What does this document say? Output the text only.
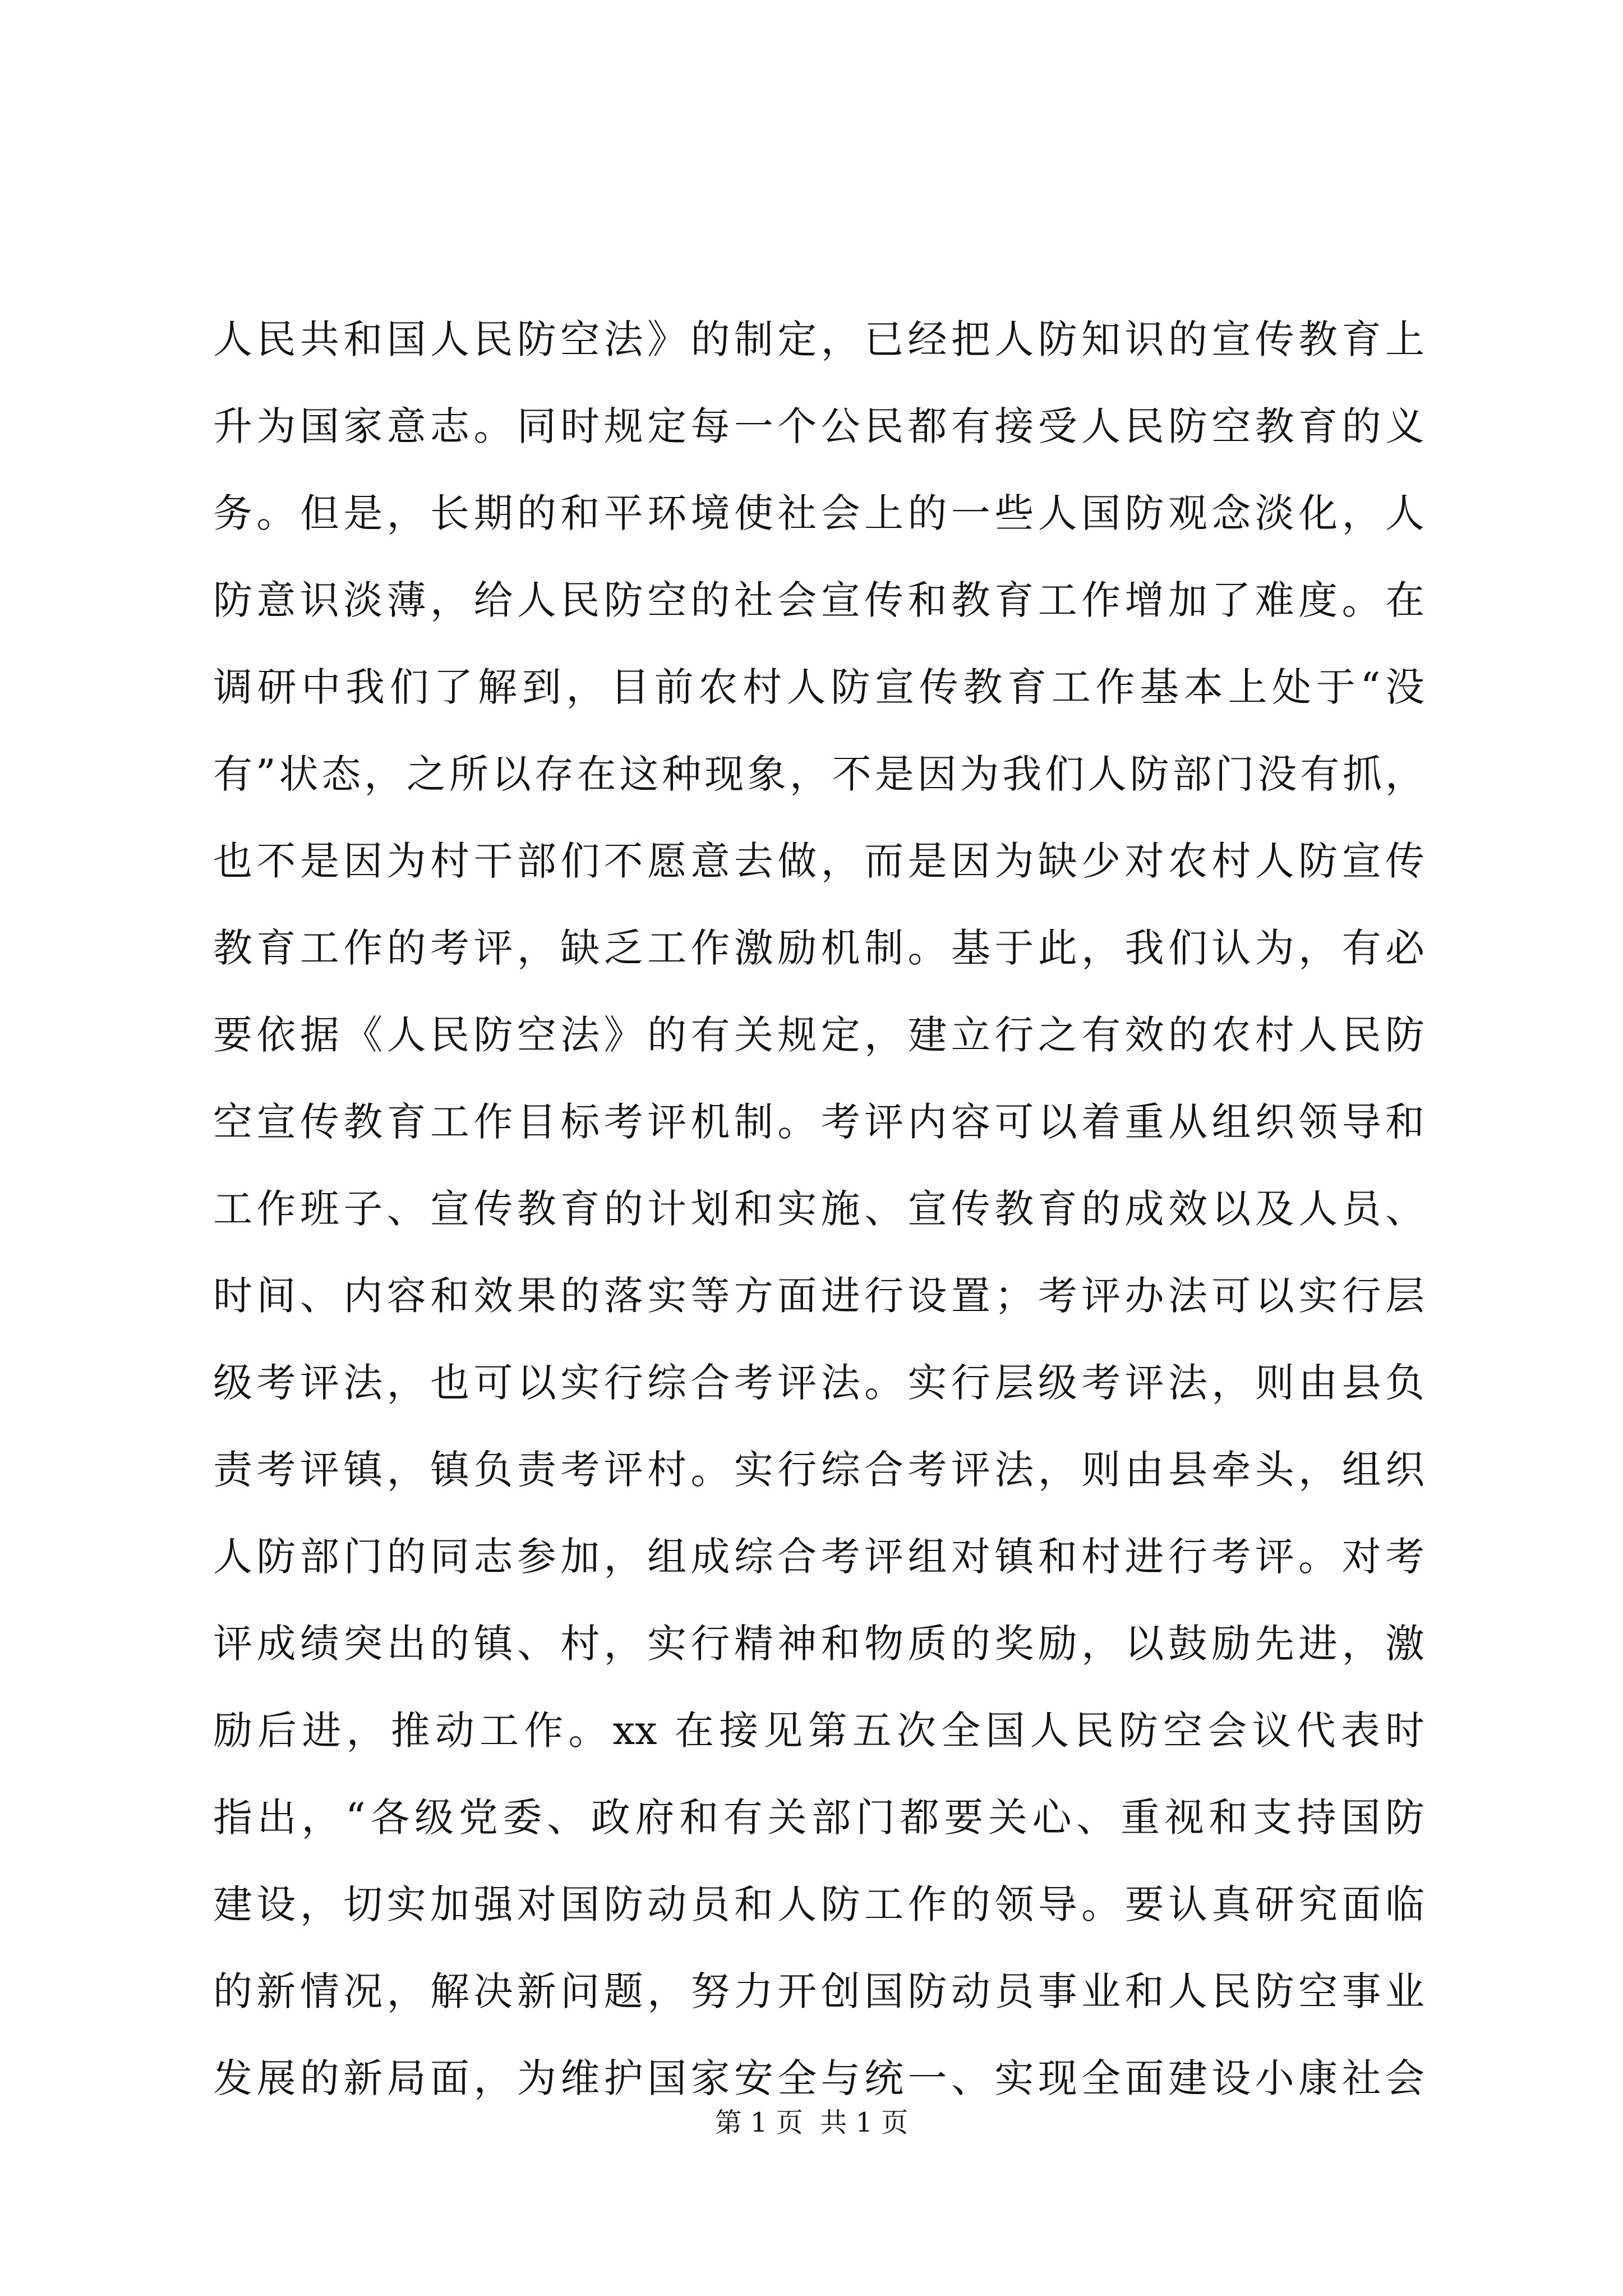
人民共和国人民防空法》的制定，已经把人防知识的宣传教育上
升为国家意志。同时规定每一个公民都有接受人民防空教育的义
务。但是，长期的和平环境使社会上的一些人国防观念淡化，人
防意识淡薄，给人民防空的社会宣传和教育工作增加了难度。在
调研中我们了解到，目前农村人防宣传教育工作基本上处于“没
有”状态，之所以存在这种现象，不是因为我们人防部门没有抓，
也不是因为村干部们不愿意去做，而是因为缺少对农村人防宣传
教育工作的考评，缺乏工作激励机制。基于此，我们认为，有必
要依据《人民防空法》的有关规定，建立行之有效的农村人民防
空宣传教育工作目标考评机制。考评内容可以着重从组织领导和
工作班子、宣传教育的计划和实施、宣传教育的成效以及人员、
时间、内容和效果的落实等方面进行设置；考评办法可以实行层
级考评法，也可以实行综合考评法。实行层级考评法，则由县负
责考评镇，镇负责考评村。实行综合考评法，则由县牵头，组织
人防部门的同志参加，组成综合考评组对镇和村进行考评。对考
评成绩突出的镇、村，实行精神和物质的奖励，以鼓励先进，激
励后进，推动工作。xx 在接见第五次全国人民防空会议代表时
指出，“各级党委、政府和有关部门都要关心、重视和支持国防
建设，切实加强对国防动员和人防工作的领导。要认真研究面临
的新情况，解决新问题，努力开创国防动员事业和人民防空事业
发展的新局面，为维护国家安全与统一、实现全面建设小康社会
第 1 页  共 1 页
